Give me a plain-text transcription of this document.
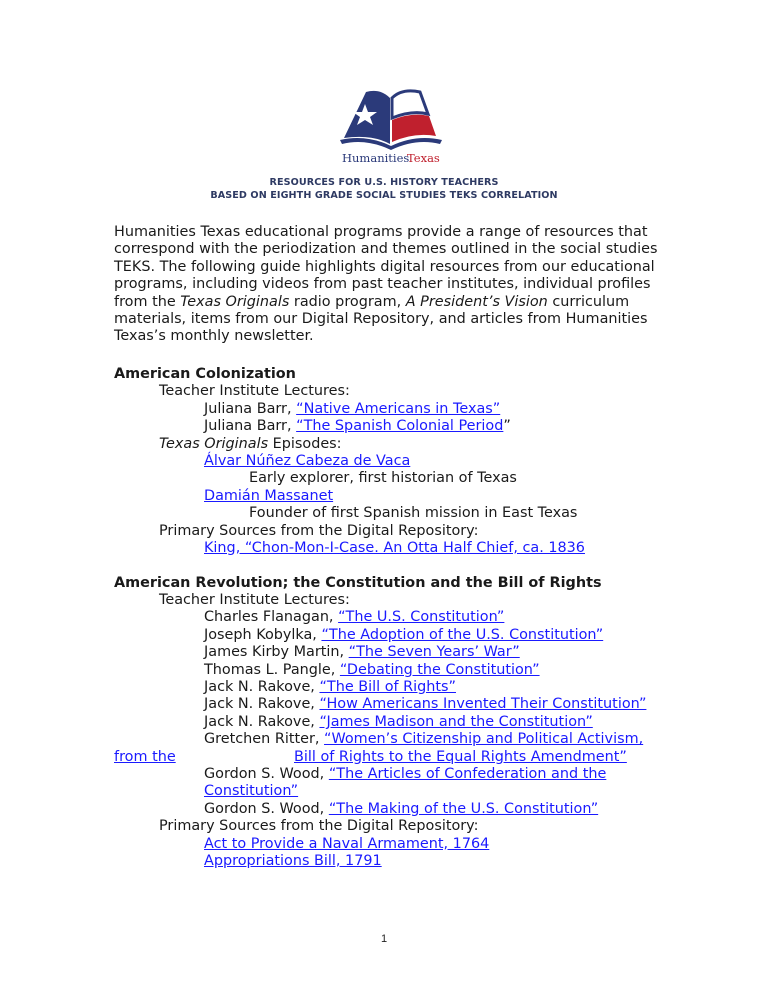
Humanities
Texas
RESOURCES FOR U.S. HISTORY TEACHERS
BASED ON EIGHTH GRADE SOCIAL STUDIES TEKS CORRELATION
Humanities Texas educational programs provide a range of resources that correspond with the periodization and themes outlined in the social studies TEKS. The following guide highlights digital resources from our educational programs, including videos from past teacher institutes, individual profiles from the Texas Originals radio program, A President’s Vision curriculum materials, items from our Digital Repository, and articles from Humanities Texas’s monthly newsletter.
American Colonization
Teacher Institute Lectures:
Juliana Barr, “Native Americans in Texas”
Juliana Barr, “The Spanish Colonial Period”
Texas Originals Episodes:
Álvar Núñez Cabeza de Vaca
Early explorer, first historian of Texas
Damián Massanet
Founder of first Spanish mission in East Texas
Primary Sources from the Digital Repository:
King, “Chon-Mon-I-Case. An Otta Half Chief, ca. 1836
American Revolution; the Constitution and the Bill of Rights
Teacher Institute Lectures:
Charles Flanagan, “The U.S. Constitution”
Joseph Kobylka, “The Adoption of the U.S. Constitution”
James Kirby Martin, “The Seven Years’ War”
Thomas L. Pangle, “Debating the Constitution”
Jack N. Rakove, “The Bill of Rights”
Jack N. Rakove, “How Americans Invented Their Constitution”
Jack N. Rakove, “James Madison and the Constitution”
Gretchen Ritter, “Women’s Citizenship and Political Activism,
from the	Bill of Rights to the Equal Rights Amendment”
Gordon S. Wood, “The Articles of Confederation and the
Constitution”
Gordon S. Wood, “The Making of the U.S. Constitution”
Primary Sources from the Digital Repository:
Act to Provide a Naval Armament, 1764
Appropriations Bill, 1791
1
